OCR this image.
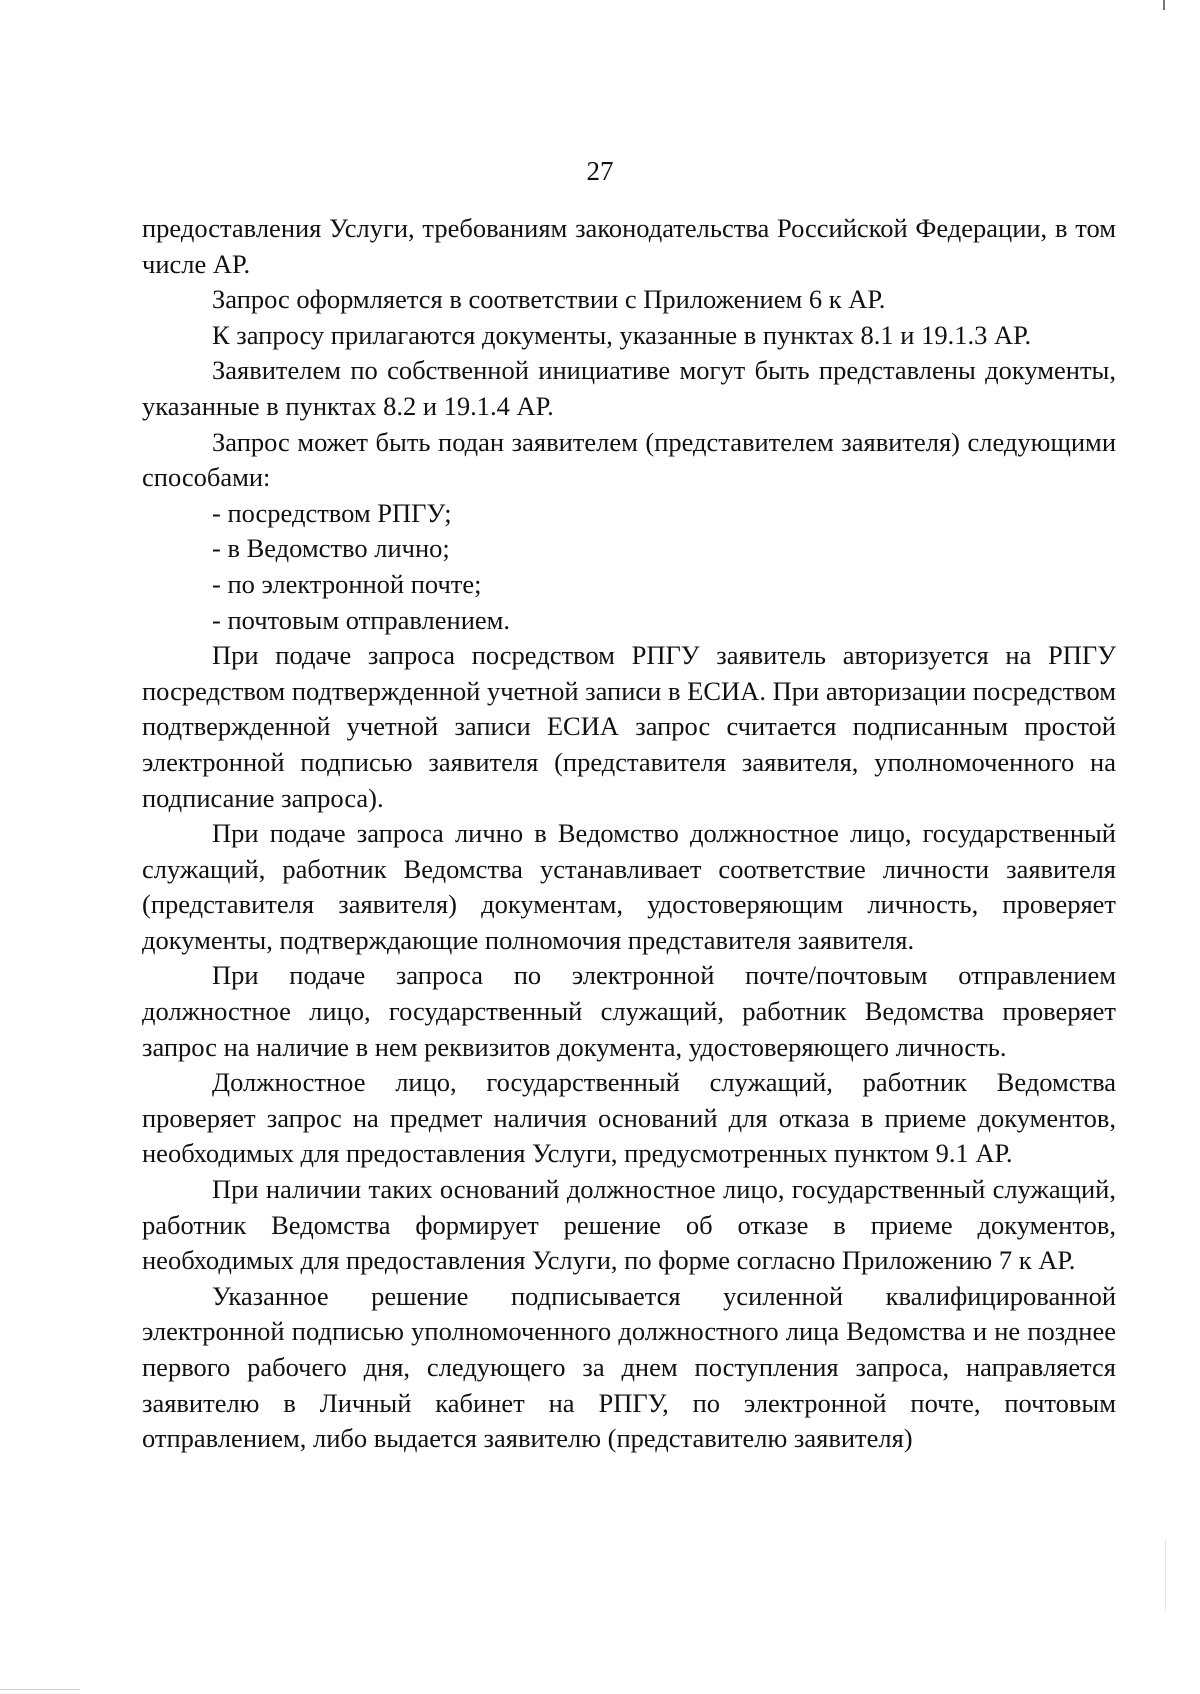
27

предоставления Услуги, требованиям законодательства Российской Федерации, в том числе АР.

Запрос оформляется в соответствии с Приложением 6 к АР.

К запросу прилагаются документы, указанные в пунктах 8.1 и 19.1.3 АР.

Заявителем по собственной инициативе могут быть представлены документы, указанные в пунктах 8.2 и 19.1.4 АР.

Запрос может быть подан заявителем (представителем заявителя) следующими способами:

- посредством РПГУ;

- в Ведомство лично;

- по электронной почте;

- почтовым отправлением.

При подаче запроса посредством РПГУ заявитель авторизуется на РПГУ посредством подтвержденной учетной записи в ЕСИА. При авторизации посредством подтвержденной учетной записи ЕСИА запрос считается подписанным простой электронной подписью заявителя (представителя заявителя, уполномоченного на подписание запроса).

При подаче запроса лично в Ведомство должностное лицо, государственный служащий, работник Ведомства устанавливает соответствие личности заявителя (представителя заявителя) документам, удостоверяющим личность, проверяет документы, подтверждающие полномочия представителя заявителя.

При подаче запроса по электронной почте/почтовым отправлением должностное лицо, государственный служащий, работник Ведомства проверяет запрос на наличие в нем реквизитов документа, удостоверяющего личность.

Должностное лицо, государственный служащий, работник Ведомства проверяет запрос на предмет наличия оснований для отказа в приеме документов, необходимых для предоставления Услуги, предусмотренных пунктом 9.1 АР.

При наличии таких оснований должностное лицо, государственный служащий, работник Ведомства формирует решение об отказе в приеме документов, необходимых для предоставления Услуги, по форме согласно Приложению 7 к АР.

Указанное решение подписывается усиленной квалифицированной электронной подписью уполномоченного должностного лица Ведомства и не позднее первого рабочего дня, следующего за днем поступления запроса, направляется заявителю в Личный кабинет на РПГУ, по электронной почте, почтовым отправлением, либо выдается заявителю (представителю заявителя)
